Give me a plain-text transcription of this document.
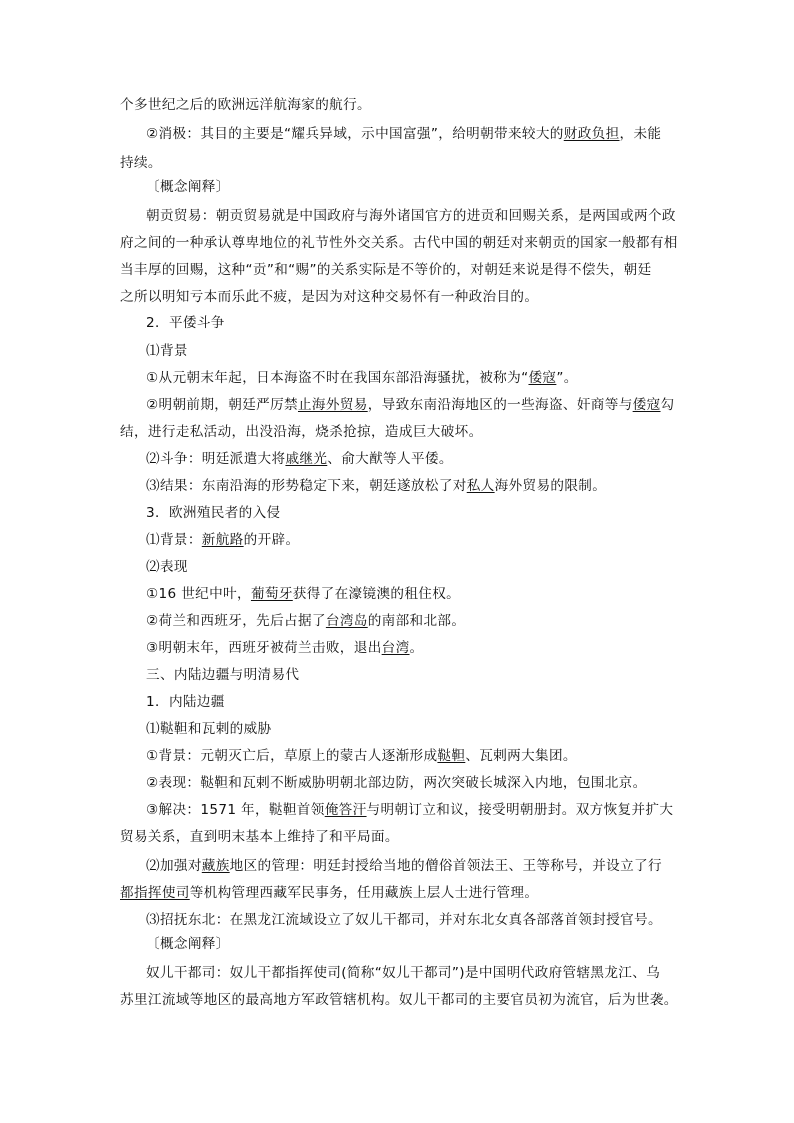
个多世纪之后的欧洲远洋航海家的航行。
②消极：其目的主要是“耀兵异域，示中国富强”，给明朝带来较大的财政负担，未能
持续。
〔概念阐释〕
朝贡贸易：朝贡贸易就是中国政府与海外诸国官方的进贡和回赐关系，是两国或两个政
府之间的一种承认尊卑地位的礼节性外交关系。古代中国的朝廷对来朝贡的国家一般都有相
当丰厚的回赐，这种“贡”和“赐”的关系实际是不等价的，对朝廷来说是得不偿失，朝廷
之所以明知亏本而乐此不疲，是因为对这种交易怀有一种政治目的。
2．平倭斗争
⑴背景
①从元朝末年起，日本海盗不时在我国东部沿海骚扰，被称为“倭寇”。
②明朝前期，朝廷严厉禁止海外贸易，导致东南沿海地区的一些海盗、奸商等与倭寇勾
结，进行走私活动，出没沿海，烧杀抢掠，造成巨大破坏。
⑵斗争：明廷派遣大将戚继光、俞大猷等人平倭。
⑶结果：东南沿海的形势稳定下来，朝廷遂放松了对私人海外贸易的限制。
3．欧洲殖民者的入侵
⑴背景：新航路的开辟。
⑵表现
①16 世纪中叶，葡萄牙获得了在濠镜澳的租住权。
②荷兰和西班牙，先后占据了台湾岛的南部和北部。
③明朝末年，西班牙被荷兰击败，退出台湾。
三、内陆边疆与明清易代
1．内陆边疆
⑴鞑靼和瓦剌的威胁
①背景：元朝灭亡后，草原上的蒙古人逐渐形成鞑靼、瓦剌两大集团。
②表现：鞑靼和瓦剌不断威胁明朝北部边防，两次突破长城深入内地，包围北京。
③解决：1571 年，鞑靼首领俺答汗与明朝订立和议，接受明朝册封。双方恢复并扩大
贸易关系，直到明末基本上维持了和平局面。
⑵加强对藏族地区的管理：明廷封授给当地的僧俗首领法王、王等称号，并设立了行
都指挥使司等机构管理西藏军民事务，任用藏族上层人士进行管理。
⑶招抚东北：在黑龙江流域设立了奴儿干都司，并对东北女真各部落首领封授官号。
〔概念阐释〕
奴儿干都司：奴儿干都指挥使司(简称“奴儿干都司”)是中国明代政府管辖黑龙江、乌
苏里江流域等地区的最高地方军政管辖机构。奴儿干都司的主要官员初为流官，后为世袭。
